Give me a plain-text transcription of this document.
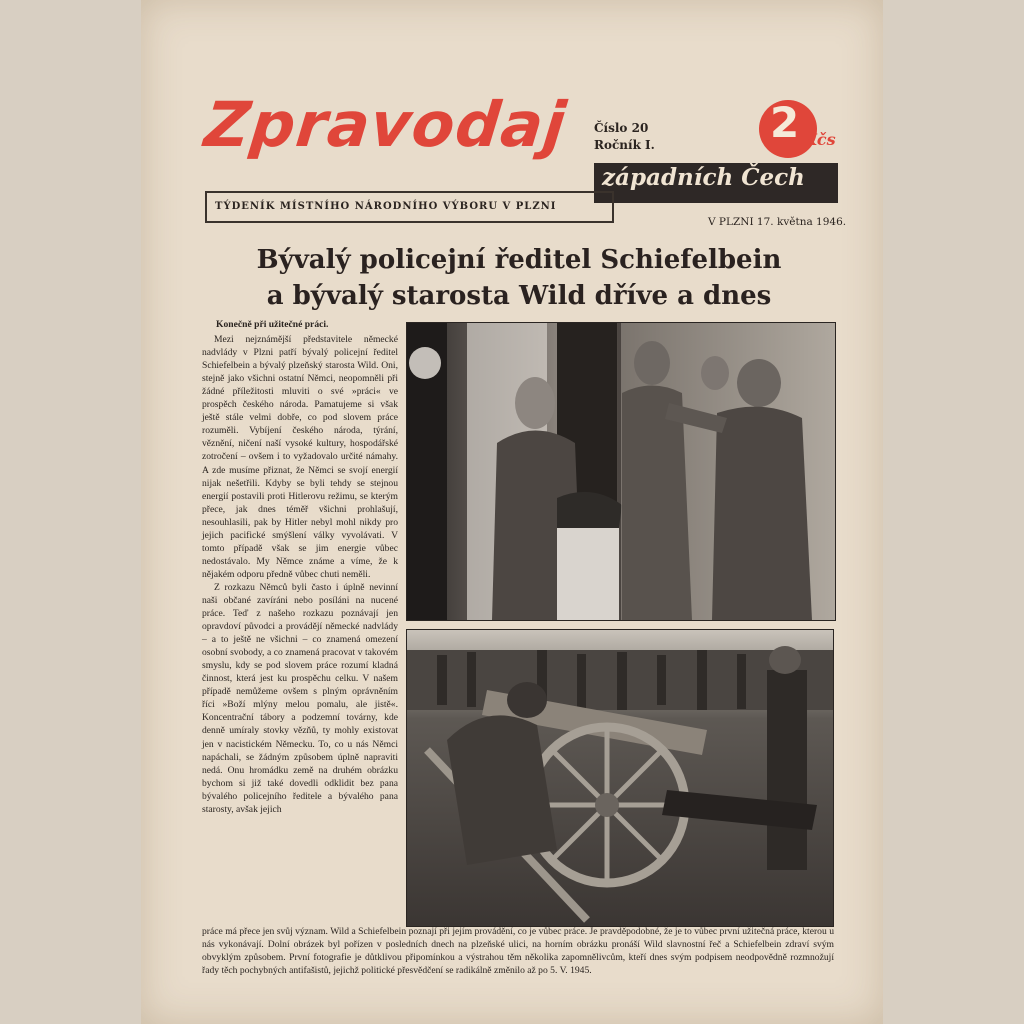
Zpravodaj Číslo 20
Ročník I.	2 Kčs
západních Čech
TÝDENÍK MÍSTNÍHO NÁRODNÍHO VÝBORU V PLZNI
V PLZNI 17. května 1946.
Bývalý policejní ředitel Schiefelbein
a bývalý starosta Wild dříve a dnes

Konečně při užitečné práci.

Mezi nejznámější představitele německé nadvlády v Plzni patří bývalý policejní ředitel Schiefelbein a bývalý plzeňský starosta Wild. Oni, stejně jako všichni ostatní Němci, neopomněli při žádné příležitosti mluviti o své »práci« ve prospěch českého národa. Pamatujeme si však ještě stále velmi dobře, co pod slovem práce rozuměli. Vybíjení českého národa, týrání, věznění, ničení naší vysoké kultury, hospodářské zotročení – ovšem i to vyžadovalo určité námahy. A zde musíme přiznat, že Němci se svojí energií nijak nešetřili. Kdyby se byli tehdy se stejnou energií postavili proti Hitlerovu režimu, se kterým přece, jak dnes téměř všichni prohlašují, nesouhlasili, pak by Hitler nebyl mohl nikdy pro jejich pacifické smýšlení války vyvolávati. V tomto případě však se jim energie vůbec nedostávalo. My Němce známe a víme, že k nějakém odporu předně vůbec chuti neměli.

Z rozkazu Němců byli často i úplně nevinní naši občané zavíráni nebo posíláni na nucené práce. Teď z našeho rozkazu poznávají jen opravdoví původci a provádějí německé nadvlády – a to ještě ne všichni – co znamená omezení osobní svobody, a co znamená pracovat v takovém smyslu, kdy se pod slovem práce rozumí kladná činnost, která jest ku prospěchu celku. V našem případě nemůžeme ovšem s plným oprávněním říci »Boží mlýny melou pomalu, ale jistě«. Koncentrační tábory a podzemní továrny, kde denně umíraly stovky vězňů, ty mohly existovat jen v nacistickém Německu. To, co u nás Němci napáchali, se žádným způsobem úplně napraviti nedá. Onu hromádku země na druhém obrázku bychom si již také dovedli odklidit bez pana bývalého policejního ředitele a bývalého pana starosty, avšak jejich

práce má přece jen svůj význam. Wild a Schiefelbein poznají při jejím provádění, co je vůbec práce. Je pravděpodobné, že je to vůbec první užitečná práce, kterou u nás vykonávají. Dolní obrázek byl pořízen v posledních dnech na plzeňské ulici, na horním obrázku pronáší Wild slavnostní řeč a Schiefelbein zdraví svým obvyklým způsobem. První fotografie je důtklivou připomínkou a výstrahou těm několika zapomnělivcům, kteří dnes svým podpisem neodpovědně rozmnožují řady těch pochybných antifašistů, jejichž politické přesvědčení se radikálně změnilo až po 5. V. 1945.
